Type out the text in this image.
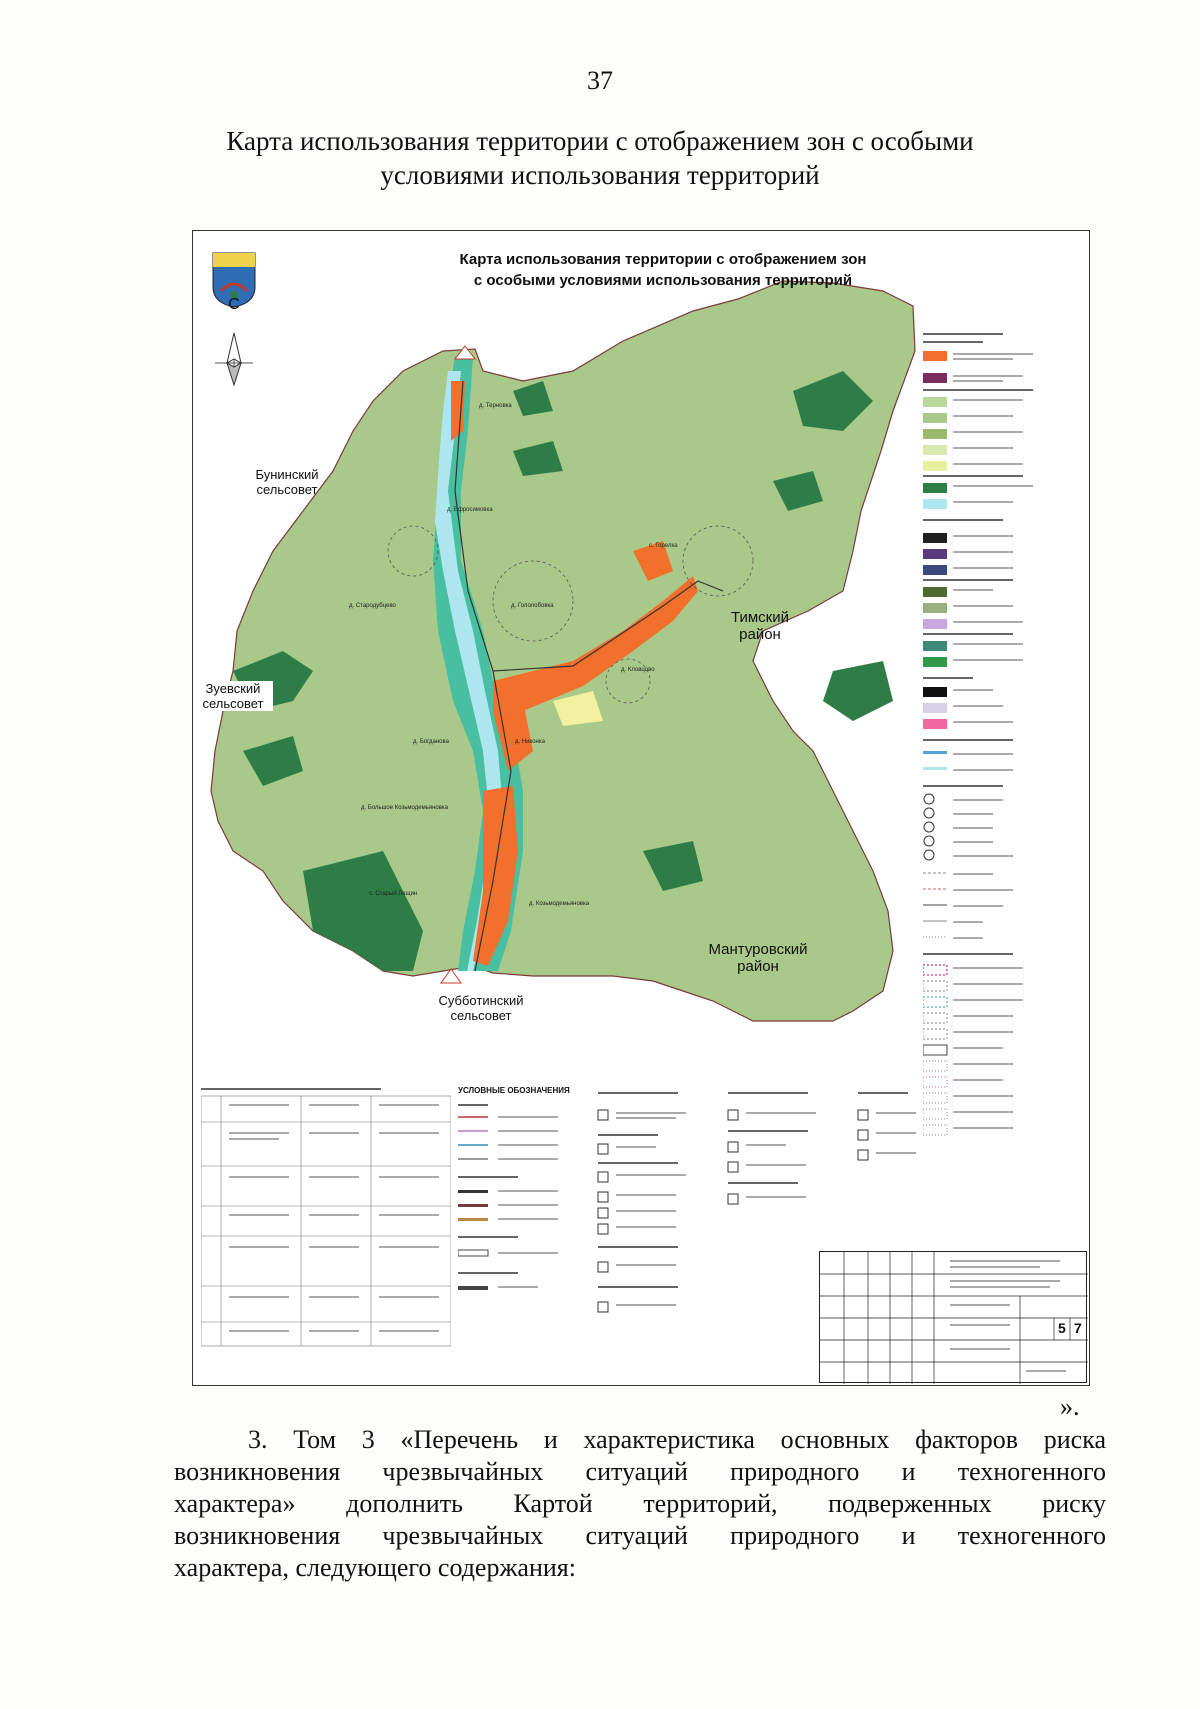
37
Карта использования территории с отображением зон с особыми
условиями использования территорий
С
Карта использования территории с отображением зон
с особыми условиями использования территорий
Бунинский
сельсовет
Зуевский
сельсовет
Тимский
район
Мантуровский
район
Субботинский
сельсовет
д. Терновка
д. Ефросимовка
д. Стародубцево	д. Гололобовка
с. Горелка
д. Кловцово
д. Богданова	д. Никонка
д. Большое Козьмодемьяновка
с. Старый Лещин
д. Козьмодемьяновка
УСЛОВНЫЕ ОБОЗНАЧЕНИЯ
5 7
».
3. Том 3 «Перечень и характеристика основных факторов риска
возникновения чрезвычайных ситуаций природного и техногенного
характера» дополнить Картой территорий, подверженных риску
возникновения чрезвычайных ситуаций природного и техногенного
характера, следующего содержания:
